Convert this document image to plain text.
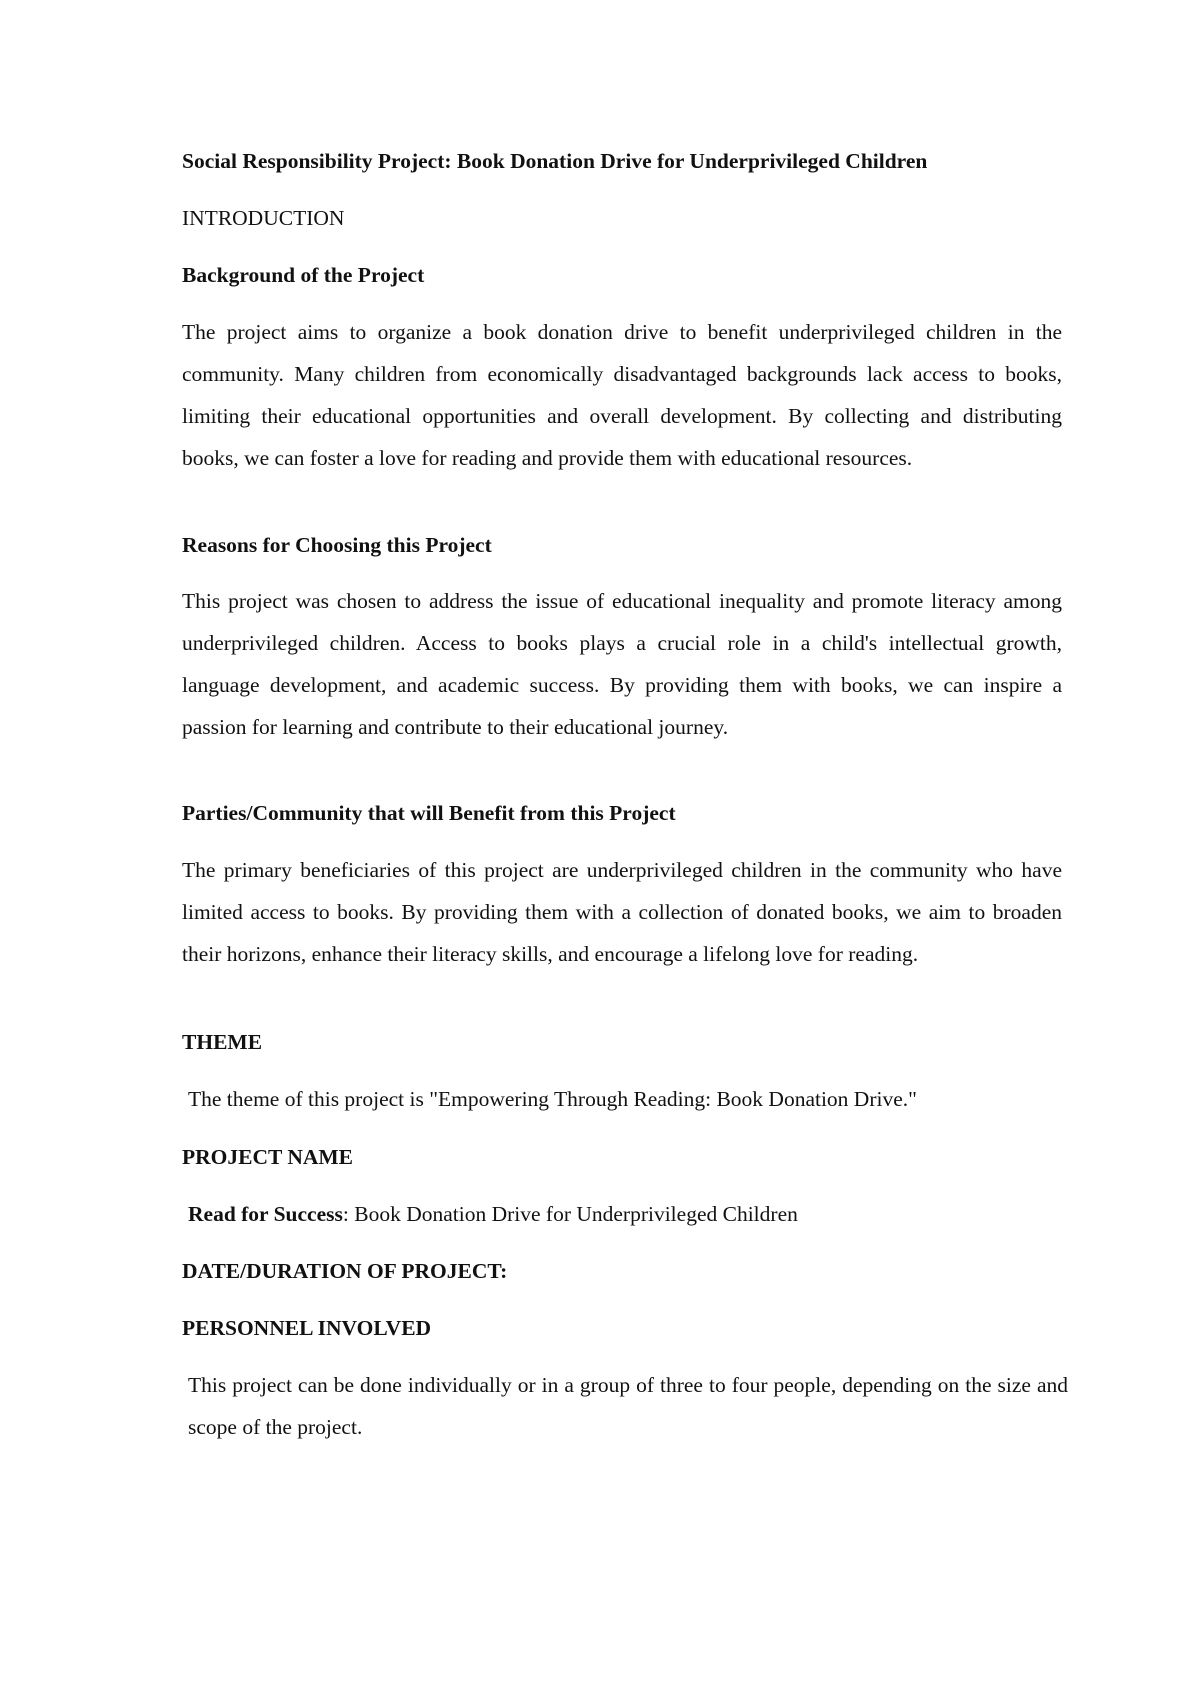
Social Responsibility Project: Book Donation Drive for Underprivileged Children

INTRODUCTION

Background of the Project

The project aims to organize a book donation drive to benefit underprivileged children in the community. Many children from economically disadvantaged backgrounds lack access to books, limiting their educational opportunities and overall development. By collecting and distributing books, we can foster a love for reading and provide them with educational resources.

Reasons for Choosing this Project

This project was chosen to address the issue of educational inequality and promote literacy among underprivileged children. Access to books plays a crucial role in a child's intellectual growth, language development, and academic success. By providing them with books, we can inspire a passion for learning and contribute to their educational journey.

Parties/Community that will Benefit from this Project

The primary beneficiaries of this project are underprivileged children in the community who have limited access to books. By providing them with a collection of donated books, we aim to broaden their horizons, enhance their literacy skills, and encourage a lifelong love for reading.

THEME

The theme of this project is "Empowering Through Reading: Book Donation Drive."

PROJECT NAME

Read for Success: Book Donation Drive for Underprivileged Children

DATE/DURATION OF PROJECT:

PERSONNEL INVOLVED

This project can be done individually or in a group of three to four people, depending on the size and scope of the project.
